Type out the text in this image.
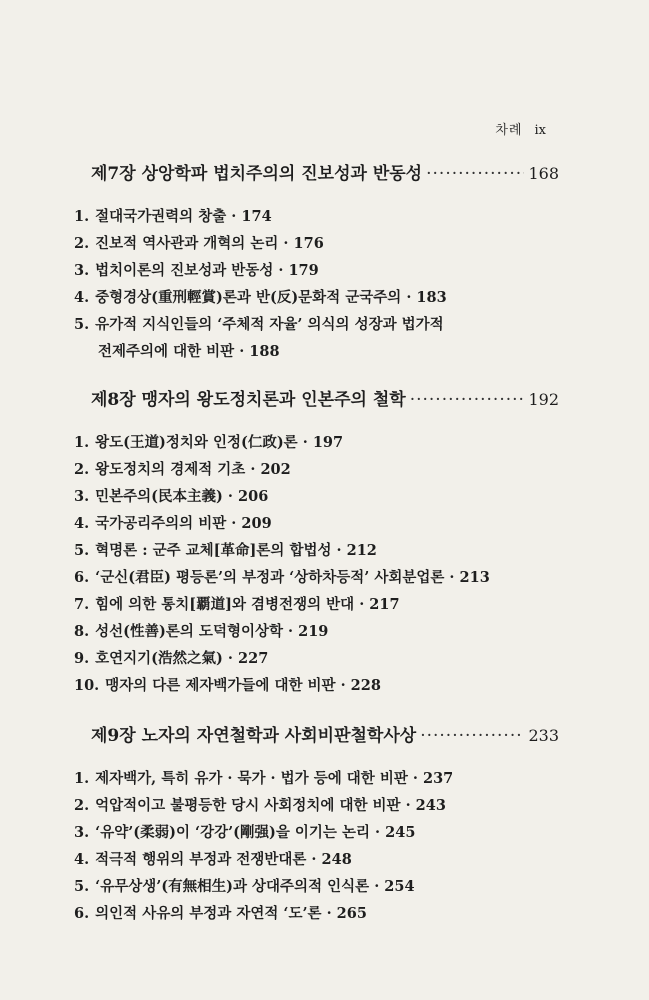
차례 ix
제7장 상앙학파 법치주의의 진보성과 반동성 ·····	168
1. 절대국가권력의 창출 · 174
2. 진보적 역사관과 개혁의 논리 · 176
3. 법치이론의 진보성과 반동성 · 179
4. 중형경상(重刑輕賞)론과 반(反)문화적 군국주의 · 183
5. 유가적 지식인들의 ‘주체적 자율’ 의식의 성장과 법가적
전제주의에 대한 비판 · 188
제8장 맹자의 왕도정치론과 인본주의 철학 ·····	192
1. 왕도(王道)정치와 인정(仁政)론 · 197
2. 왕도정치의 경제적 기초 · 202
3. 민본주의(民本主義) · 206
4. 국가공리주의의 비판 · 209
5. 혁명론 : 군주 교체[革命]론의 합법성 · 212
6. ‘군신(君臣) 평등론’의 부정과 ‘상하차등적’ 사회분업론 · 213
7. 힘에 의한 통치[覇道]와 겸병전쟁의 반대 · 217
8. 성선(性善)론의 도덕형이상학 · 219
9. 호연지기(浩然之氣) · 227
10. 맹자의 다른 제자백가들에 대한 비판 · 228
제9장 노자의 자연철학과 사회비판철학사상 ·····	233
1. 제자백가, 특히 유가 · 묵가 · 법가 등에 대한 비판 · 237
2. 억압적이고 불평등한 당시 사회정치에 대한 비판 · 243
3. ‘유약’(柔弱)이 ‘강강’(剛强)을 이기는 논리 · 245
4. 적극적 행위의 부정과 전쟁반대론 · 248
5. ‘유무상생’(有無相生)과 상대주의적 인식론 · 254
6. 의인적 사유의 부정과 자연적 ‘도’론 · 265
